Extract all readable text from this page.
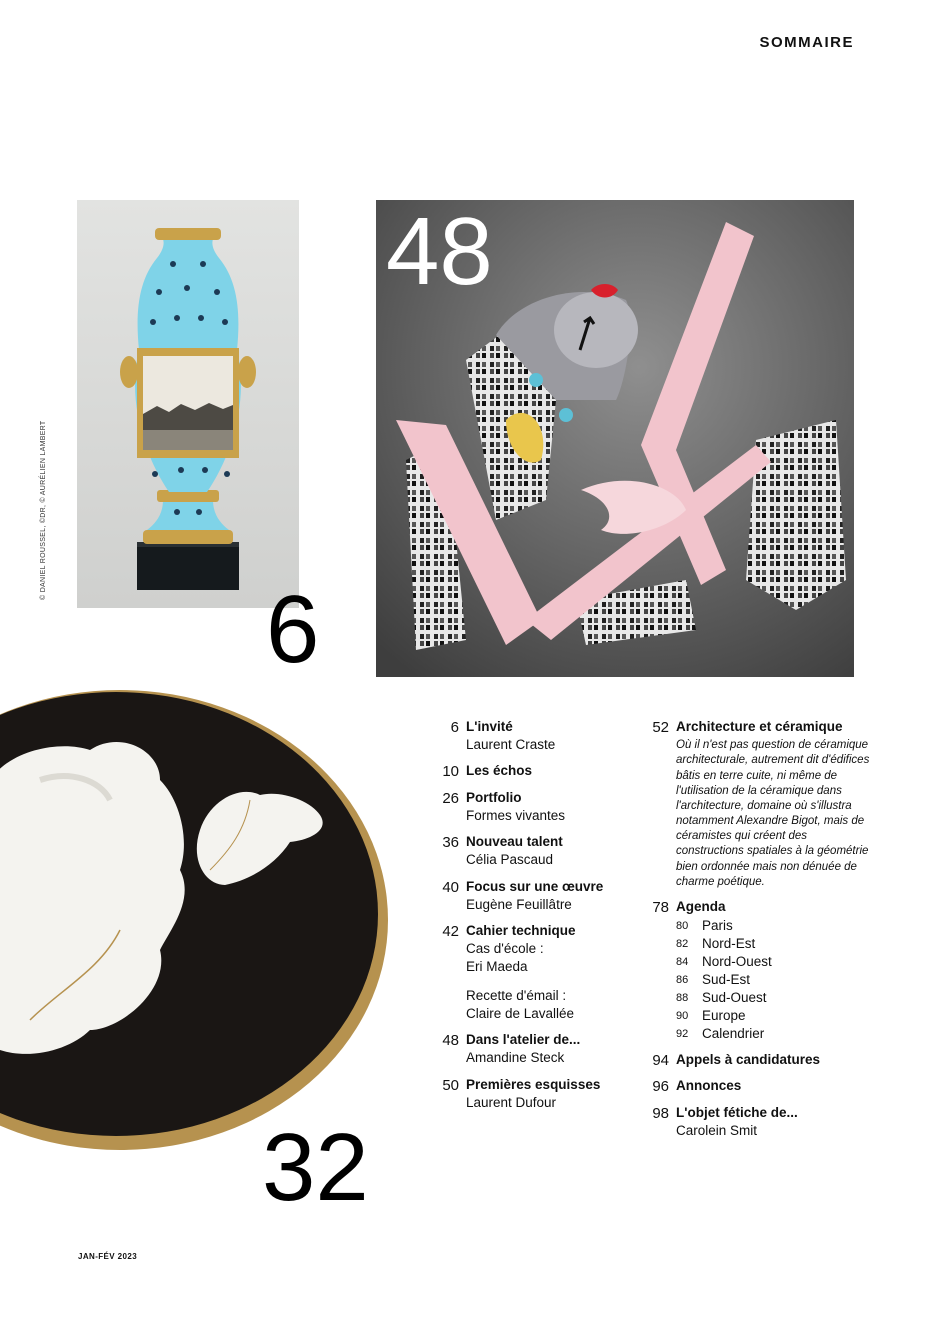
SOMMAIRE
© DANIEL ROUSSEL, ©DR, © AURÉLIEN LAMBERT
6
48
32
6 L'invité
Laurent Craste
10 Les échos
26 Portfolio
Formes vivantes
36 Nouveau talent
Célia Pascaud
40 Focus sur une œuvre
Eugène Feuillâtre
42 Cahier technique
Cas d'école :
Eri Maeda
Recette d'émail :
Claire de Lavallée
48 Dans l'atelier de...
Amandine Steck
50 Premières esquisses
Laurent Dufour
52 Architecture et céramique
Où il n'est pas question de céramique architecturale, autrement dit d'édifices bâtis en terre cuite, ni même de l'utilisation de la céramique dans l'architecture, domaine où s'illustra notamment Alexandre Bigot, mais de céramistes qui créent des constructions spatiales à la géométrie bien ordonnée mais non dénuée de charme poétique.
78 Agenda
80 Paris
82 Nord-Est
84 Nord-Ouest
86 Sud-Est
88 Sud-Ouest
90 Europe
92 Calendrier
94 Appels à candidatures
96 Annonces
98 L'objet fétiche de...
Carolein Smit
JAN-FÉV 2023
